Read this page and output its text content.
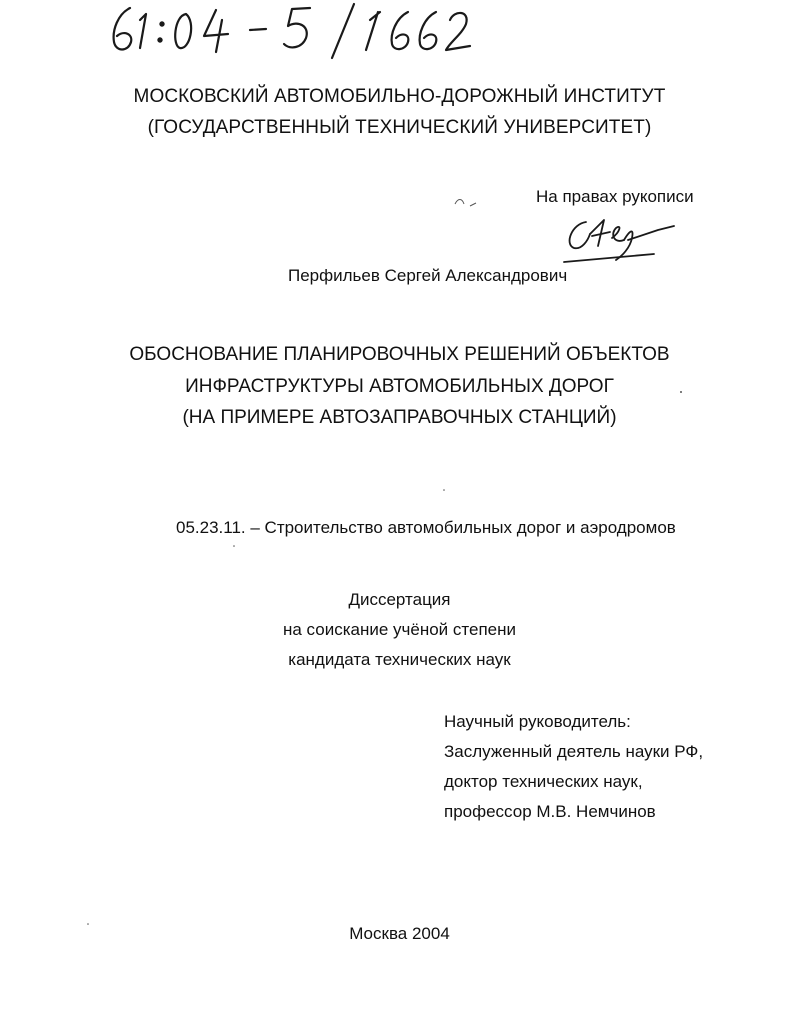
МОСКОВСКИЙ АВТОМОБИЛЬНО-ДОРОЖНЫЙ ИНСТИТУТ
(ГОСУДАРСТВЕННЫЙ ТЕХНИЧЕСКИЙ УНИВЕРСИТЕТ)
На правах рукописи
Перфильев Сергей Александрович
ОБОСНОВАНИЕ ПЛАНИРОВОЧНЫХ РЕШЕНИЙ ОБЪЕКТОВ
ИНФРАСТРУКТУРЫ АВТОМОБИЛЬНЫХ ДОРОГ
(НА ПРИМЕРЕ АВТОЗАПРАВОЧНЫХ СТАНЦИЙ)
05.23.11. – Строительство автомобильных дорог и аэродромов
Диссертация
на соискание учёной степени
кандидата технических наук
Научный руководитель:
Заслуженный деятель науки РФ,
доктор технических наук,
профессор М.В. Немчинов
Москва 2004
